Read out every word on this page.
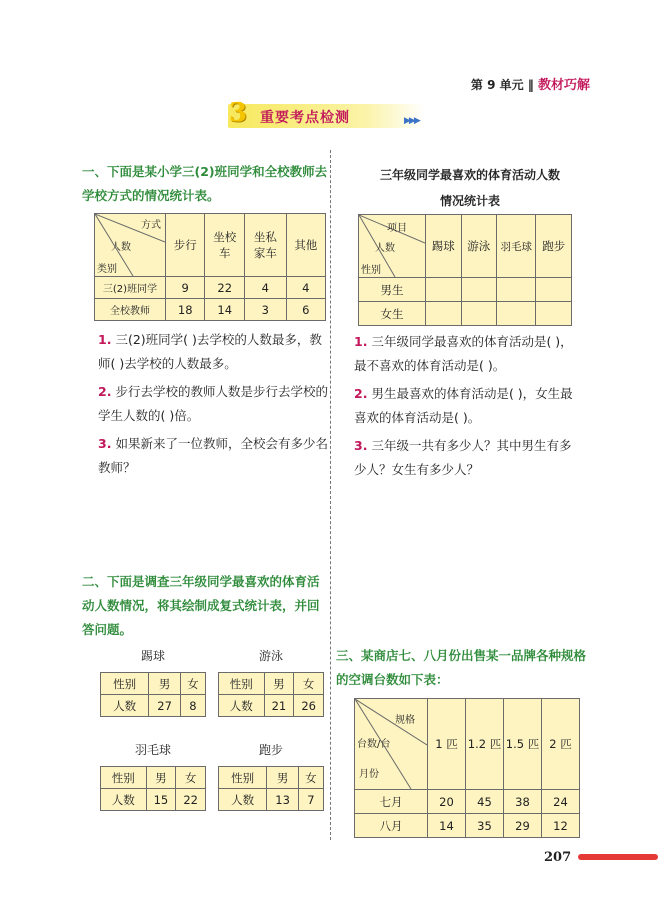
第 9 单元 ‖ 教材巧解
3 重要考点检测	▶▶▶
一、下面是某小学三(2)班同学和全校教师去学校方式的情况统计表。
方式
人数
类别	步行	坐校车	坐私家车	其他
三(2)班同学	9	22	4	4
全校教师	18	14	3	6
1. 三(2)班同学( )去学校的人数最多，教师( )去学校的人数最多。
2. 步行去学校的教师人数是步行去学校的学生人数的( )倍。
3. 如果新来了一位教师，全校会有多少名教师？
二、下面是调查三年级同学最喜欢的体育活动人数情况，将其绘制成复式统计表，并回答问题。
踢球
性别	男	女
人数	27	8
游泳
性别	男	女
人数	21	26
羽毛球
性别	男	女
人数	15	22
跑步
性别	男	女
人数	13	7
三年级同学最喜欢的体育活动人数
情况统计表
项目
人数
性别	踢球	游泳	羽毛球	跑步
男生				
女生				
1. 三年级同学最喜欢的体育活动是( )，最不喜欢的体育活动是( )。
2. 男生最喜欢的体育活动是( )，女生最喜欢的体育活动是( )。
3. 三年级一共有多少人？其中男生有多少人？女生有多少人？
三、某商店七、八月份出售某一品牌各种规格的空调台数如下表：
规格
台数/台
月份	1 匹	1.2 匹	1.5 匹	2 匹
七月	20	45	38	24
八月	14	35	29	12
207
